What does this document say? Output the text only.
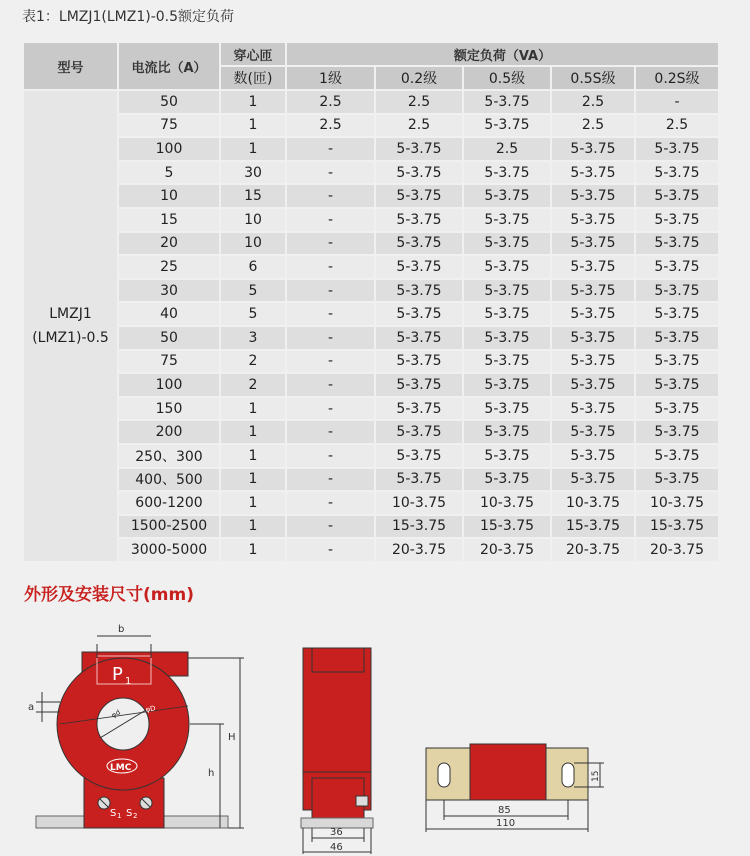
表1：LMZJ1(LMZ1)-0.5额定负荷
型号	电流比（A）	穿心匝	额定负荷（VA）				
		数(匝)	1级	0.2级	0.5级	0.5S级	0.2S级

LMZJ1
(LMZ1)-0.5	50	1	2.5	2.5	5-3.75	2.5	-
	75	1	2.5	2.5	5-3.75	2.5	2.5
	100	1	-	5-3.75	2.5	5-3.75	5-3.75
	5	30	-	5-3.75	5-3.75	5-3.75	5-3.75
	10	15	-	5-3.75	5-3.75	5-3.75	5-3.75
	15	10	-	5-3.75	5-3.75	5-3.75	5-3.75
	20	10	-	5-3.75	5-3.75	5-3.75	5-3.75
	25	6	-	5-3.75	5-3.75	5-3.75	5-3.75
	30	5	-	5-3.75	5-3.75	5-3.75	5-3.75
	40	5	-	5-3.75	5-3.75	5-3.75	5-3.75
	50	3	-	5-3.75	5-3.75	5-3.75	5-3.75
	75	2	-	5-3.75	5-3.75	5-3.75	5-3.75
	100	2	-	5-3.75	5-3.75	5-3.75	5-3.75
	150	1	-	5-3.75	5-3.75	5-3.75	5-3.75
	200	1	-	5-3.75	5-3.75	5-3.75	5-3.75
	250、300	1	-	5-3.75	5-3.75	5-3.75	5-3.75
	400、500	1	-	5-3.75	5-3.75	5-3.75	5-3.75
	600-1200	1	-	10-3.75	10-3.75	10-3.75	10-3.75
	1500-2500	1	-	15-3.75	15-3.75	15-3.75	15-3.75
	3000-5000	1	-	20-3.75	20-3.75	20-3.75	20-3.75
外形及安装尺寸(mm)
P 1
φd	φD
LMC
S 1 S 2
b
a
H
h
36
46
85
110
15
